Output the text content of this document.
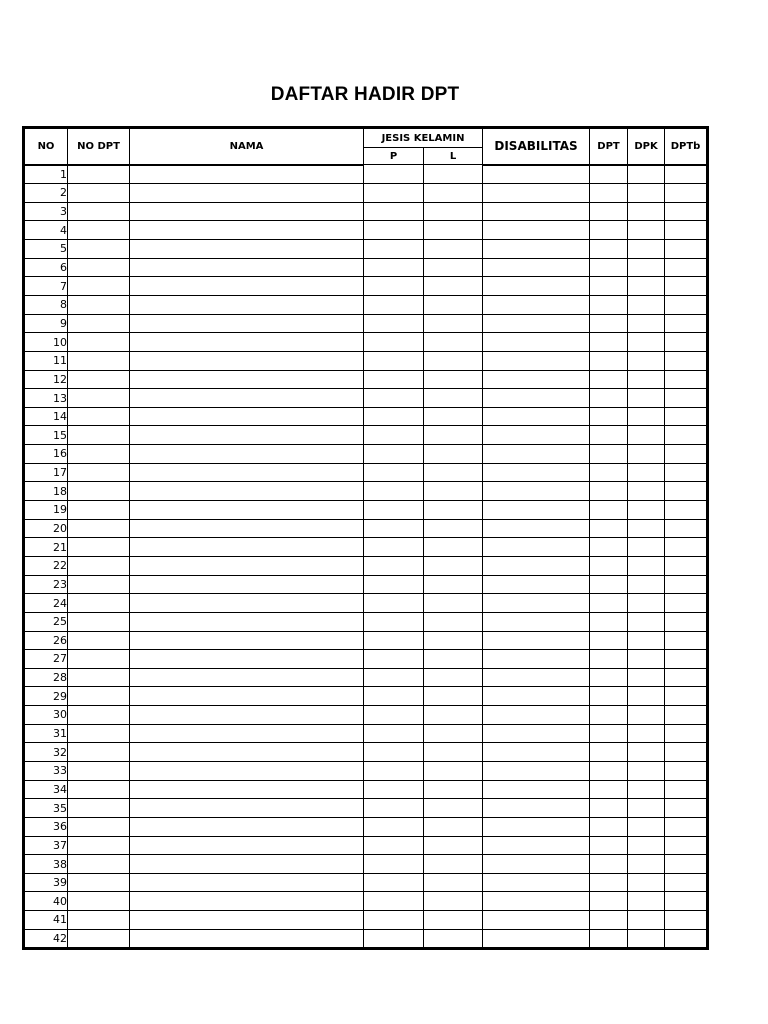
DAFTAR HADIR DPT
NO	NO DPT	NAMA	JESIS KELAMIN		DISABILITAS	DPT	DPK	DPTb
			P	L				
1								
2								
3								
4								
5								
6								
7								
8								
9								
10								
11								
12								
13								
14								
15								
16								
17								
18								
19								
20								
21								
22								
23								
24								
25								
26								
27								
28								
29								
30								
31								
32								
33								
34								
35								
36								
37								
38								
39								
40								
41								
42								
